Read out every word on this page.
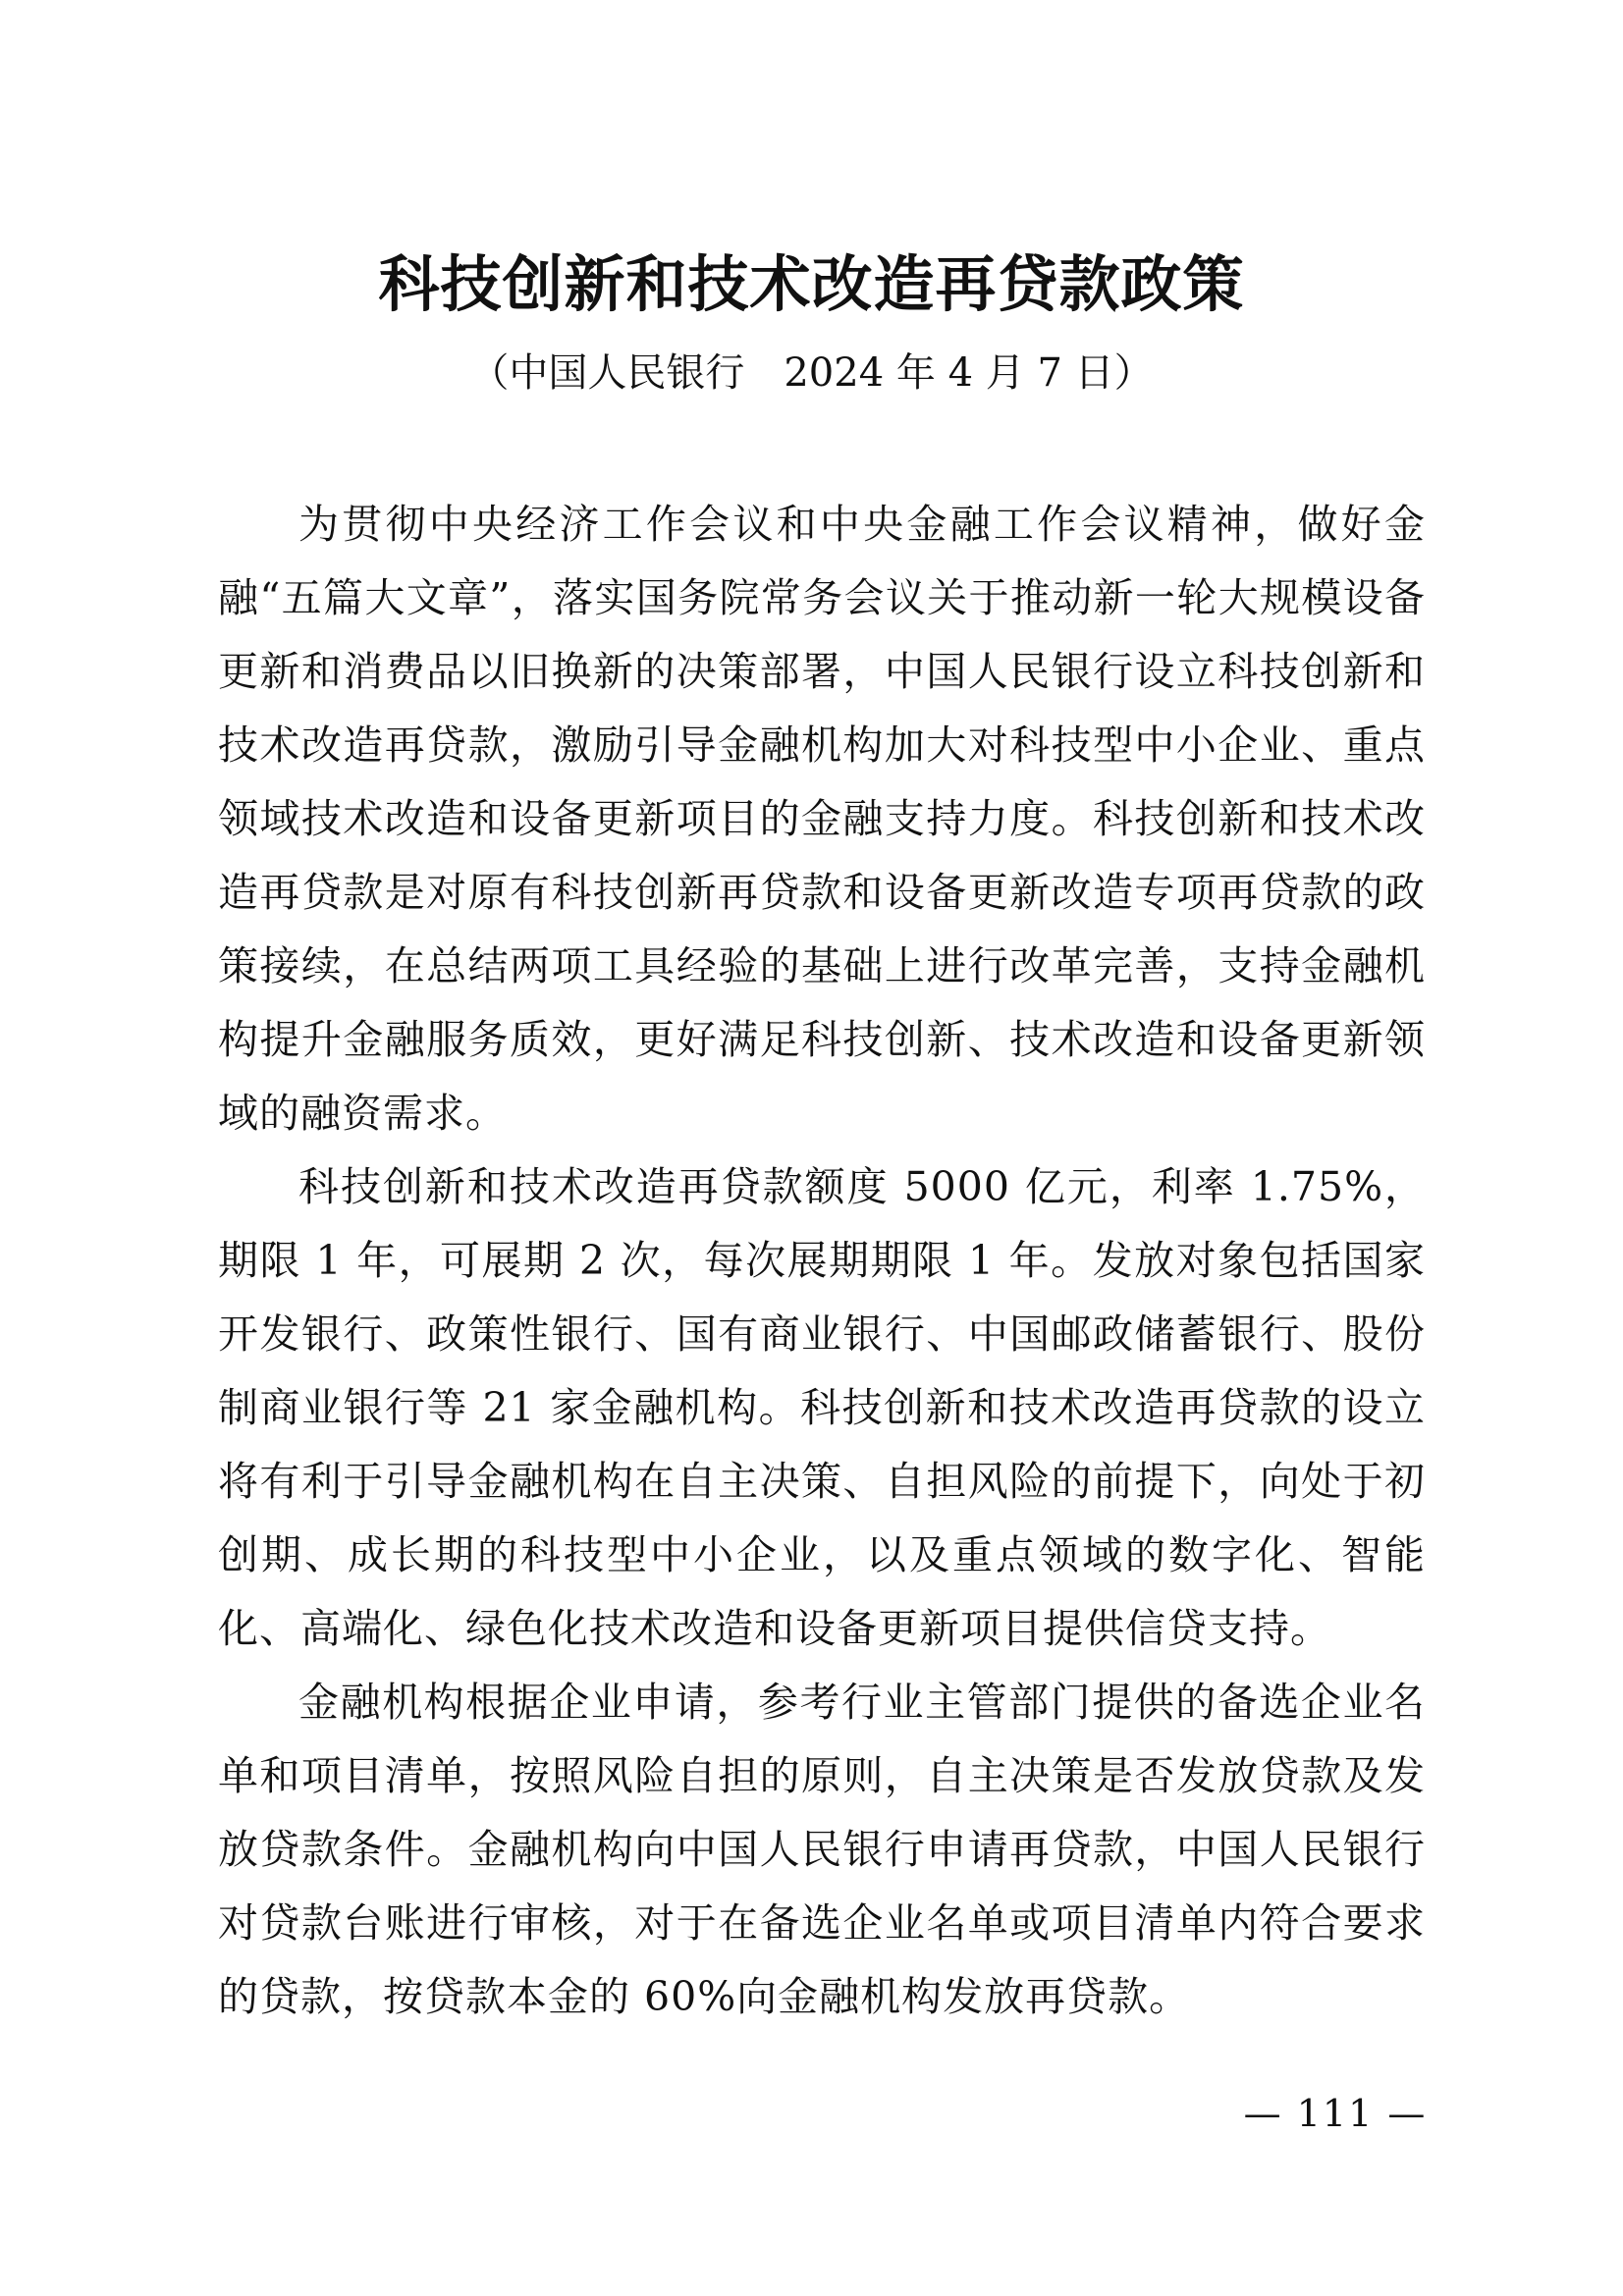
科技创新和技术改造再贷款政策

（中国人民银行　2024 年 4 月 7 日）

为贯彻中央经济工作会议和中央金融工作会议精神，做好金融“五篇大文章”，落实国务院常务会议关于推动新一轮大规模设备更新和消费品以旧换新的决策部署，中国人民银行设立科技创新和技术改造再贷款，激励引导金融机构加大对科技型中小企业、重点领域技术改造和设备更新项目的金融支持力度。科技创新和技术改造再贷款是对原有科技创新再贷款和设备更新改造专项再贷款的政策接续，在总结两项工具经验的基础上进行改革完善，支持金融机构提升金融服务质效，更好满足科技创新、技术改造和设备更新领域的融资需求。

科技创新和技术改造再贷款额度 5000 亿元，利率 1.75%，期限 1 年，可展期 2 次，每次展期期限 1 年。发放对象包括国家开发银行、政策性银行、国有商业银行、中国邮政储蓄银行、股份制商业银行等 21 家金融机构。科技创新和技术改造再贷款的设立将有利于引导金融机构在自主决策、自担风险的前提下，向处于初创期、成长期的科技型中小企业，以及重点领域的数字化、智能化、高端化、绿色化技术改造和设备更新项目提供信贷支持。

金融机构根据企业申请，参考行业主管部门提供的备选企业名单和项目清单，按照风险自担的原则，自主决策是否发放贷款及发放贷款条件。金融机构向中国人民银行申请再贷款，中国人民银行对贷款台账进行审核，对于在备选企业名单或项目清单内符合要求的贷款，按贷款本金的 60%向金融机构发放再贷款。

— 111 —
